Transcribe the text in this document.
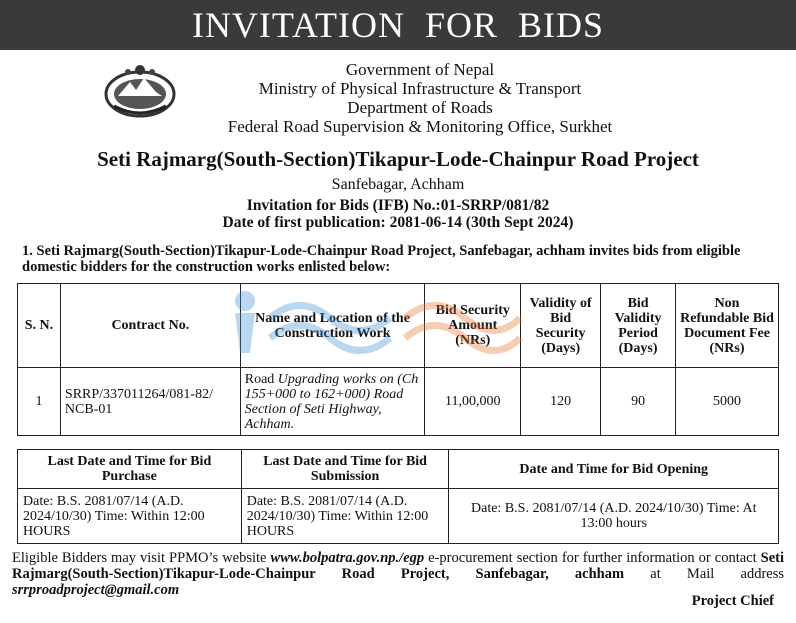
INVITATION FOR BIDS
Government of Nepal
Ministry of Physical Infrastructure & Transport
Department of Roads
Federal Road Supervision & Monitoring Office, Surkhet
Seti Rajmarg(South-Section)Tikapur-Lode-Chainpur Road Project
Sanfebagar, Achham
Invitation for Bids (IFB) No.:01-SRRP/081/82
Date of first publication: 2081-06-14 (30th Sept 2024)
1. Seti Rajmarg(South-Section)Tikapur-Lode-Chainpur Road Project, Sanfebagar, achham invites bids from eligible domestic bidders for the construction works enlisted below:
S. N.	Contract No.	Name and Location of the Construction Work	Bid Security Amount (NRs)	Validity of Bid Security (Days)	Bid Validity Period (Days)	Non Refundable Bid Document Fee (NRs)
1	SRRP/337011264/081-82/ NCB-01	Road Upgrading works on (Ch 155+000 to 162+000) Road Section of Seti Highway, Achham.	11,00,000	120	90	5000
Last Date and Time for Bid Purchase	Last Date and Time for Bid Submission	Date and Time for Bid Opening
Date: B.S. 2081/07/14 (A.D. 2024/10/30) Time: Within 12:00 HOURS	Date: B.S. 2081/07/14 (A.D. 2024/10/30) Time: Within 12:00 HOURS	Date: B.S. 2081/07/14 (A.D. 2024/10/30) Time: At 13:00 hours
Eligible Bidders may visit PPMO’s website www.bolpatra.gov.np./egp e-procurement section for further information or contact Seti Rajmarg(South-Section)Tikapur-Lode-Chainpur Road Project, Sanfebagar, achham at Mail address srrproadproject@gmail.com
Project Chief
